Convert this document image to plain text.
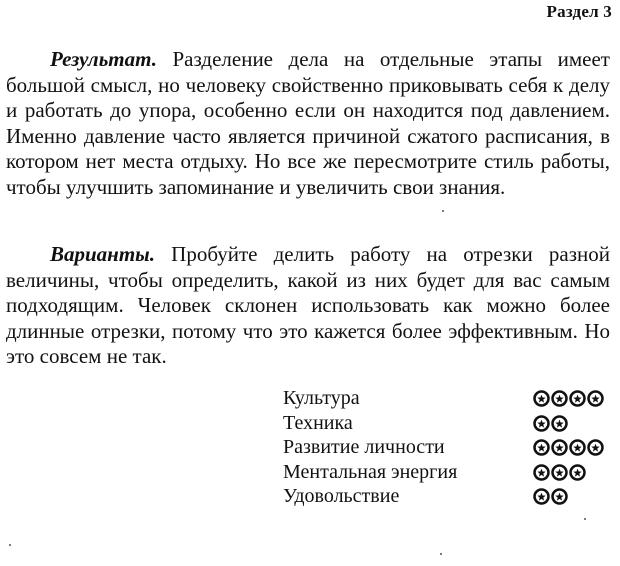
Раздел 3

Результат. Разделение дела на отдельные этапы имеет большой смысл, но человеку свойственно приковывать себя к делу и работать до упора, особенно если он находится под давлением. Именно давление часто является причиной сжатого расписания, в котором нет места отдыху. Но все же пересмотрите стиль работы, чтобы улучшить запоминание и увеличить свои знания.

Варианты. Пробуйте делить работу на отрезки разной величины, чтобы определить, какой из них будет для вас самым подходящим. Человек склонен использовать как можно более длинные отрезки, потому что это кажется более эффективным. Но это совсем не так.

Культура
Техника
Развитие личности
Ментальная энергия
Удовольствие
